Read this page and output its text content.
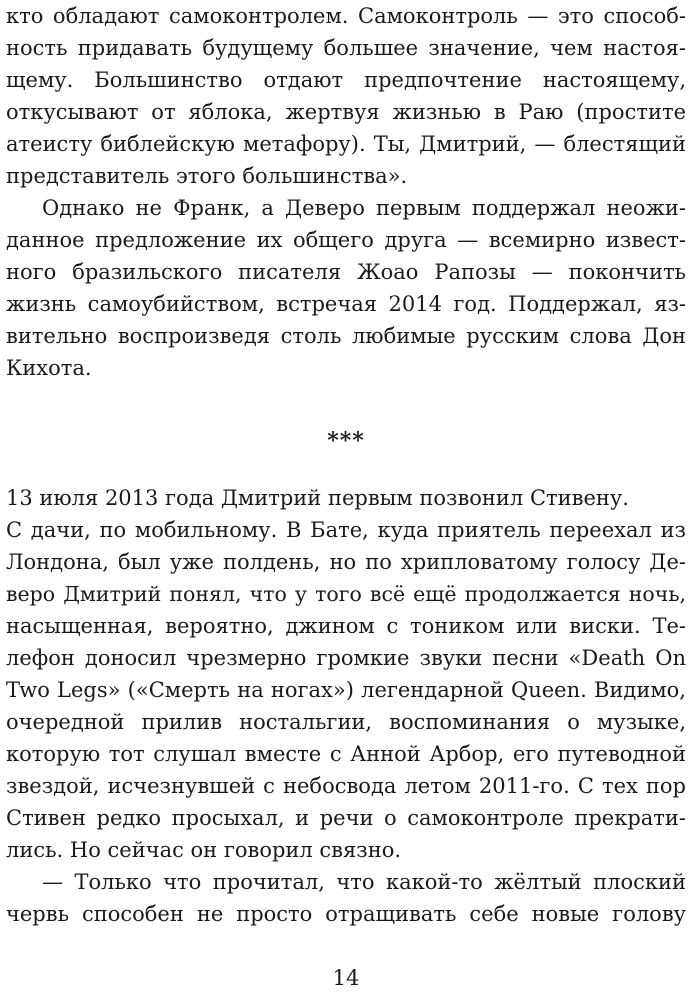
кто обладают самоконтролем. Самоконтроль — это способ-
ность придавать будущему большее значение, чем настоя-
щему. Большинство отдают предпочтение настоящему,
откусывают от яблока, жертвуя жизнью в Раю (простите
атеисту библейскую метафору). Ты, Дмитрий, — блестящий
представитель этого большинства».
Однако не Франк, а Деверо первым поддержал неожи-
данное предложение их общего друга — всемирно извест-
ного бразильского писателя Жоао Рапозы — покончить
жизнь самоубийством, встречая 2014 год. Поддержал, яз-
вительно воспроизведя столь любимые русским слова Дон
Кихота.
***
13 июля 2013 года Дмитрий первым позвонил Стивену.
С дачи, по мобильному. В Бате, куда приятель переехал из
Лондона, был уже полдень, но по хрипловатому голосу Де-
веро Дмитрий понял, что у того всё ещё продолжается ночь,
насыщенная, вероятно, джином с тоником или виски. Те-
лефон доносил чрезмерно громкие звуки песни «Death On
Two Legs» («Смерть на ногах») легендарной Queen. Видимо,
очередной прилив ностальгии, воспоминания о музыке,
которую тот слушал вместе с Анной Арбор, его путеводной
звездой, исчезнувшей с небосвода летом 2011-го. С тех пор
Стивен редко просыхал, и речи о самоконтроле прекрати-
лись. Но сейчас он говорил связно.
— Только что прочитал, что какой-то жёлтый плоский
червь способен не просто отращивать себе новые голову
14
